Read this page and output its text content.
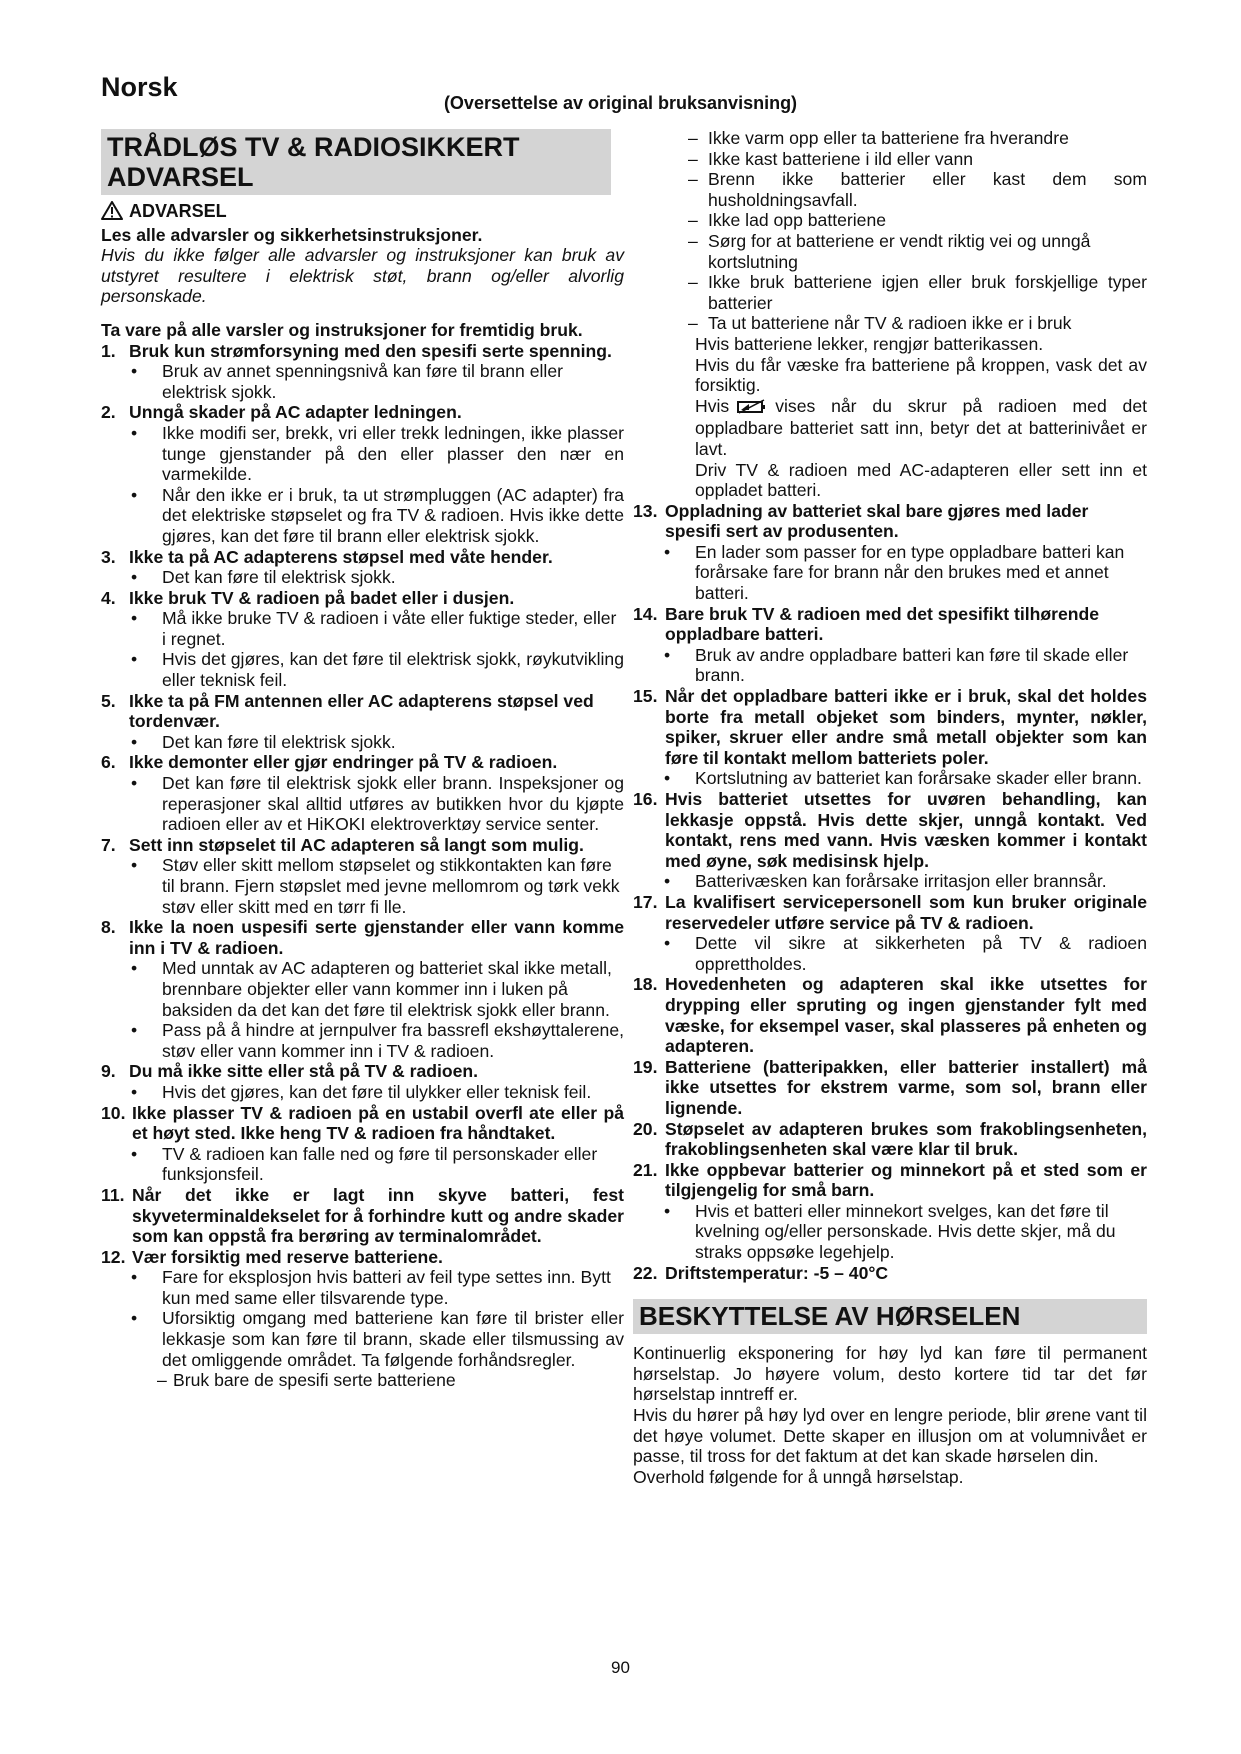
Norsk
(Oversettelse av original bruksanvisning)
TRÅDLØS TV & RADIOSIKKERT
ADVARSEL
ADVARSEL

Les alle advarsler og sikkerhetsinstruksjoner.

Hvis du ikke følger alle advarsler og instruksjoner kan bruk av utstyret resultere i elektrisk støt, brann og/eller alvorlig personskade.

Ta vare på alle varsler og instruksjoner for fremtidig bruk.

1. Bruk kun strømforsyning med den spesifi serte spenning.
• Bruk av annet spenningsnivå kan føre til brann eller elektrisk sjokk.
2. Unngå skader på AC adapter ledningen.
• Ikke modifi ser, brekk, vri eller trekk ledningen, ikke plasser tunge gjenstander på den eller plasser den nær en varmekilde.
• Når den ikke er i bruk, ta ut strømpluggen (AC adapter) fra det elektriske støpselet og fra TV & radioen. Hvis ikke dette gjøres, kan det føre til brann eller elektrisk sjokk.
3. Ikke ta på AC adapterens støpsel med våte hender.
• Det kan føre til elektrisk sjokk.
4. Ikke bruk TV & radioen på badet eller i dusjen.
• Må ikke bruke TV & radioen i våte eller fuktige steder, eller i regnet.
• Hvis det gjøres, kan det føre til elektrisk sjokk, røykutvikling eller teknisk feil.
5. Ikke ta på FM antennen eller AC adapterens støpsel ved tordenvær.
• Det kan føre til elektrisk sjokk.
6. Ikke demonter eller gjør endringer på TV & radioen.
• Det kan føre til elektrisk sjokk eller brann. Inspeksjoner og reperasjoner skal alltid utføres av butikken hvor du kjøpte radioen eller av et HiKOKI elektroverktøy service senter.
7. Sett inn støpselet til AC adapteren så langt som mulig.
• Støv eller skitt mellom støpselet og stikkontakten kan føre til brann. Fjern støpslet med jevne mellomrom og tørk vekk støv eller skitt med en tørr fi lle.
8. Ikke la noen uspesifi serte gjenstander eller vann komme inn i TV & radioen.
• Med unntak av AC adapteren og batteriet skal ikke metall, brennbare objekter eller vann kommer inn i luken på baksiden da det kan det føre til elektrisk sjokk eller brann.
• Pass på å hindre at jernpulver fra bassrefl ekshøyttalerene, støv eller vann kommer inn i TV & radioen.
9. Du må ikke sitte eller stå på TV & radioen.
• Hvis det gjøres, kan det føre til ulykker eller teknisk feil.
10. Ikke plasser TV & radioen på en ustabil overfl ate eller på et høyt sted. Ikke heng TV & radioen fra håndtaket.
• TV & radioen kan falle ned og føre til personskader eller funksjonsfeil.
11. Når det ikke er lagt inn skyve batteri, fest skyveterminaldekselet for å forhindre kutt og andre skader som kan oppstå fra berøring av terminalområdet.
12. Vær forsiktig med reserve batteriene.
• Fare for eksplosjon hvis batteri av feil type settes inn. Bytt kun med same eller tilsvarende type.
• Uforsiktig omgang med batteriene kan føre til brister eller lekkasje som kan føre til brann, skade eller tilsmussing av det omliggende området. Ta følgende forhåndsregler.
– Bruk bare de spesifi serte batteriene
– Ikke varm opp eller ta batteriene fra hverandre
– Ikke kast batteriene i ild eller vann
– Brenn ikke batterier eller kast dem som husholdningsavfall.
– Ikke lad opp batteriene
– Sørg for at batteriene er vendt riktig vei og unngå kortslutning
– Ikke bruk batteriene igjen eller bruk forskjellige typer batterier
– Ta ut batteriene når TV & radioen ikke er i bruk

Hvis batteriene lekker, rengjør batterikassen.

Hvis du får væske fra batteriene på kroppen, vask det av forsiktig.

Hvis	vises når du skrur på radioen med det oppladbare batteriet satt inn, betyr det at batterinivået er lavt.

Driv TV & radioen med AC-adapteren eller sett inn et oppladet batteri.

13. Oppladning av batteriet skal bare gjøres med lader spesifi sert av produsenten.
• En lader som passer for en type oppladbare batteri kan forårsake fare for brann når den brukes med et annet batteri.
14. Bare bruk TV & radioen med det spesifikt tilhørende oppladbare batteri.
• Bruk av andre oppladbare batteri kan føre til skade eller brann.
15. Når det oppladbare batteri ikke er i bruk, skal det holdes borte fra metall objeket som binders, mynter, nøkler, spiker, skruer eller andre små metall objekter som kan føre til kontakt mellom batteriets poler.
• Kortslutning av batteriet kan forårsake skader eller brann.
16. Hvis batteriet utsettes for uvøren behandling, kan lekkasje oppstå. Hvis dette skjer, unngå kontakt. Ved kontakt, rens med vann. Hvis væsken kommer i kontakt med øyne, søk medisinsk hjelp.
• Batterivæsken kan forårsake irritasjon eller brannsår.
17. La kvalifisert servicepersonell som kun bruker originale reservedeler utføre service på TV & radioen.
• Dette vil sikre at sikkerheten på TV & radioen opprettholdes.
18. Hovedenheten og adapteren skal ikke utsettes for drypping eller spruting og ingen gjenstander fylt med væske, for eksempel vaser, skal plasseres på enheten og adapteren.
19. Batteriene (batteripakken, eller batterier installert) må ikke utsettes for ekstrem varme, som sol, brann eller lignende.
20. Støpselet av adapteren brukes som frakoblingsenheten, frakoblingsenheten skal være klar til bruk.
21. Ikke oppbevar batterier og minnekort på et sted som er tilgjengelig for små barn.
• Hvis et batteri eller minnekort svelges, kan det føre til kvelning og/eller personskade. Hvis dette skjer, må du straks oppsøke legehjelp.
22. Driftstemperatur: -5 – 40°C
BESKYTTELSE AV HØRSELEN

Kontinuerlig eksponering for høy lyd kan føre til permanent hørselstap. Jo høyere volum, desto kortere tid tar det før hørselstap inntreff er.

Hvis du hører på høy lyd over en lengre periode, blir ørene vant til det høye volumet. Dette skaper en illusjon om at volumnivået er passe, til tross for det faktum at det kan skade hørselen din.

Overhold følgende for å unngå hørselstap.

90
